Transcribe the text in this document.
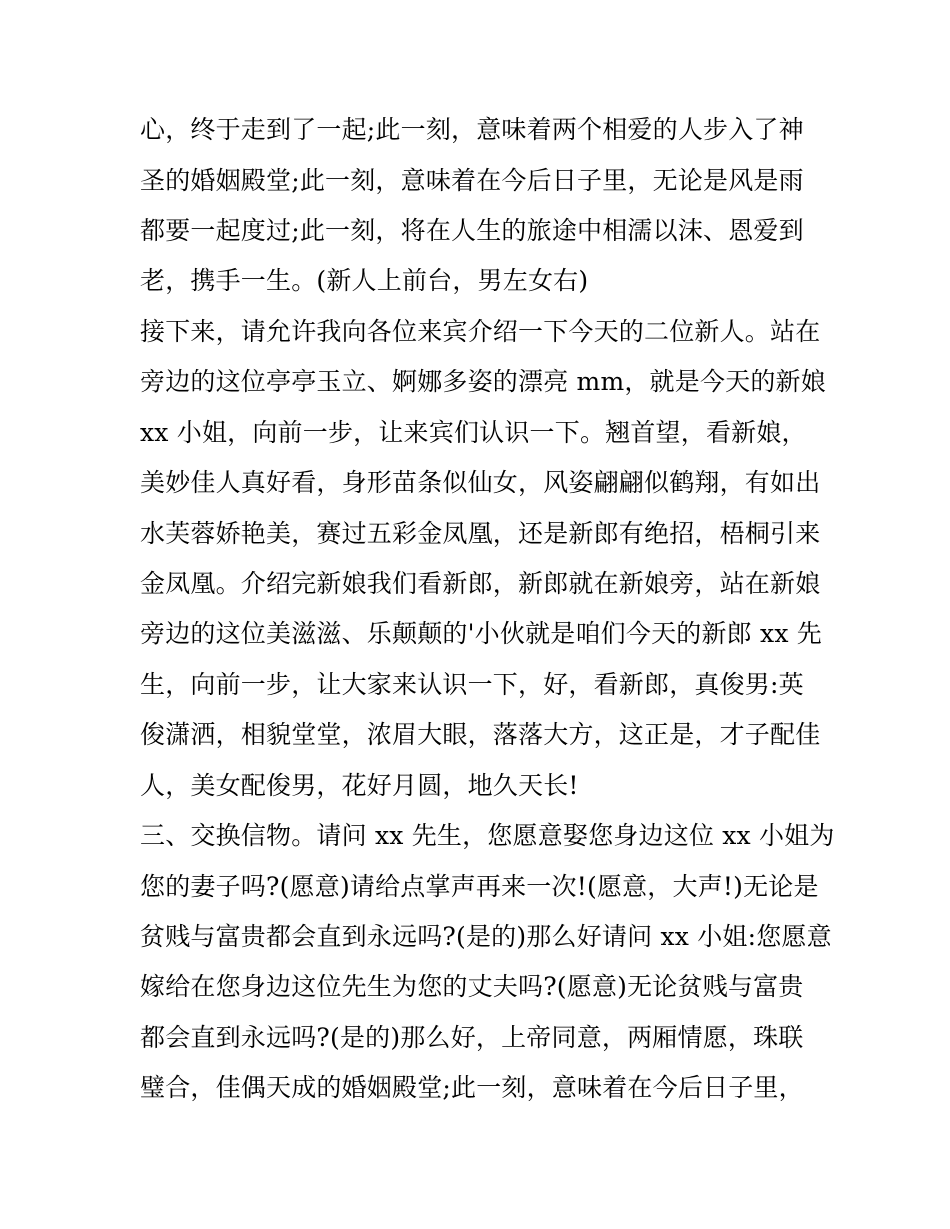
心，终于走到了一起;此一刻，意味着两个相爱的人步入了神
圣的婚姻殿堂;此一刻，意味着在今后日子里，无论是风是雨
都要一起度过;此一刻，将在人生的旅途中相濡以沫、恩爱到
老，携手一生。(新人上前台，男左女右)
接下来，请允许我向各位来宾介绍一下今天的二位新人。站在
旁边的这位亭亭玉立、婀娜多姿的漂亮 mm，就是今天的新娘
xx 小姐，向前一步，让来宾们认识一下。翘首望，看新娘，
美妙佳人真好看，身形苗条似仙女，风姿翩翩似鹤翔，有如出
水芙蓉娇艳美，赛过五彩金凤凰，还是新郎有绝招，梧桐引来
金凤凰。介绍完新娘我们看新郎，新郎就在新娘旁，站在新娘
旁边的这位美滋滋、乐颠颠的'小伙就是咱们今天的新郎 xx 先
生，向前一步，让大家来认识一下，好，看新郎，真俊男:英
俊潇洒，相貌堂堂，浓眉大眼，落落大方，这正是，才子配佳
人，美女配俊男，花好月圆，地久天长!
三、交换信物。请问 xx 先生，您愿意娶您身边这位 xx 小姐为
您的妻子吗?(愿意)请给点掌声再来一次!(愿意，大声!)无论是
贫贱与富贵都会直到永远吗?(是的)那么好请问 xx 小姐:您愿意
嫁给在您身边这位先生为您的丈夫吗?(愿意)无论贫贱与富贵
都会直到永远吗?(是的)那么好，上帝同意，两厢情愿，珠联
璧合，佳偶天成的婚姻殿堂;此一刻，意味着在今后日子里，
